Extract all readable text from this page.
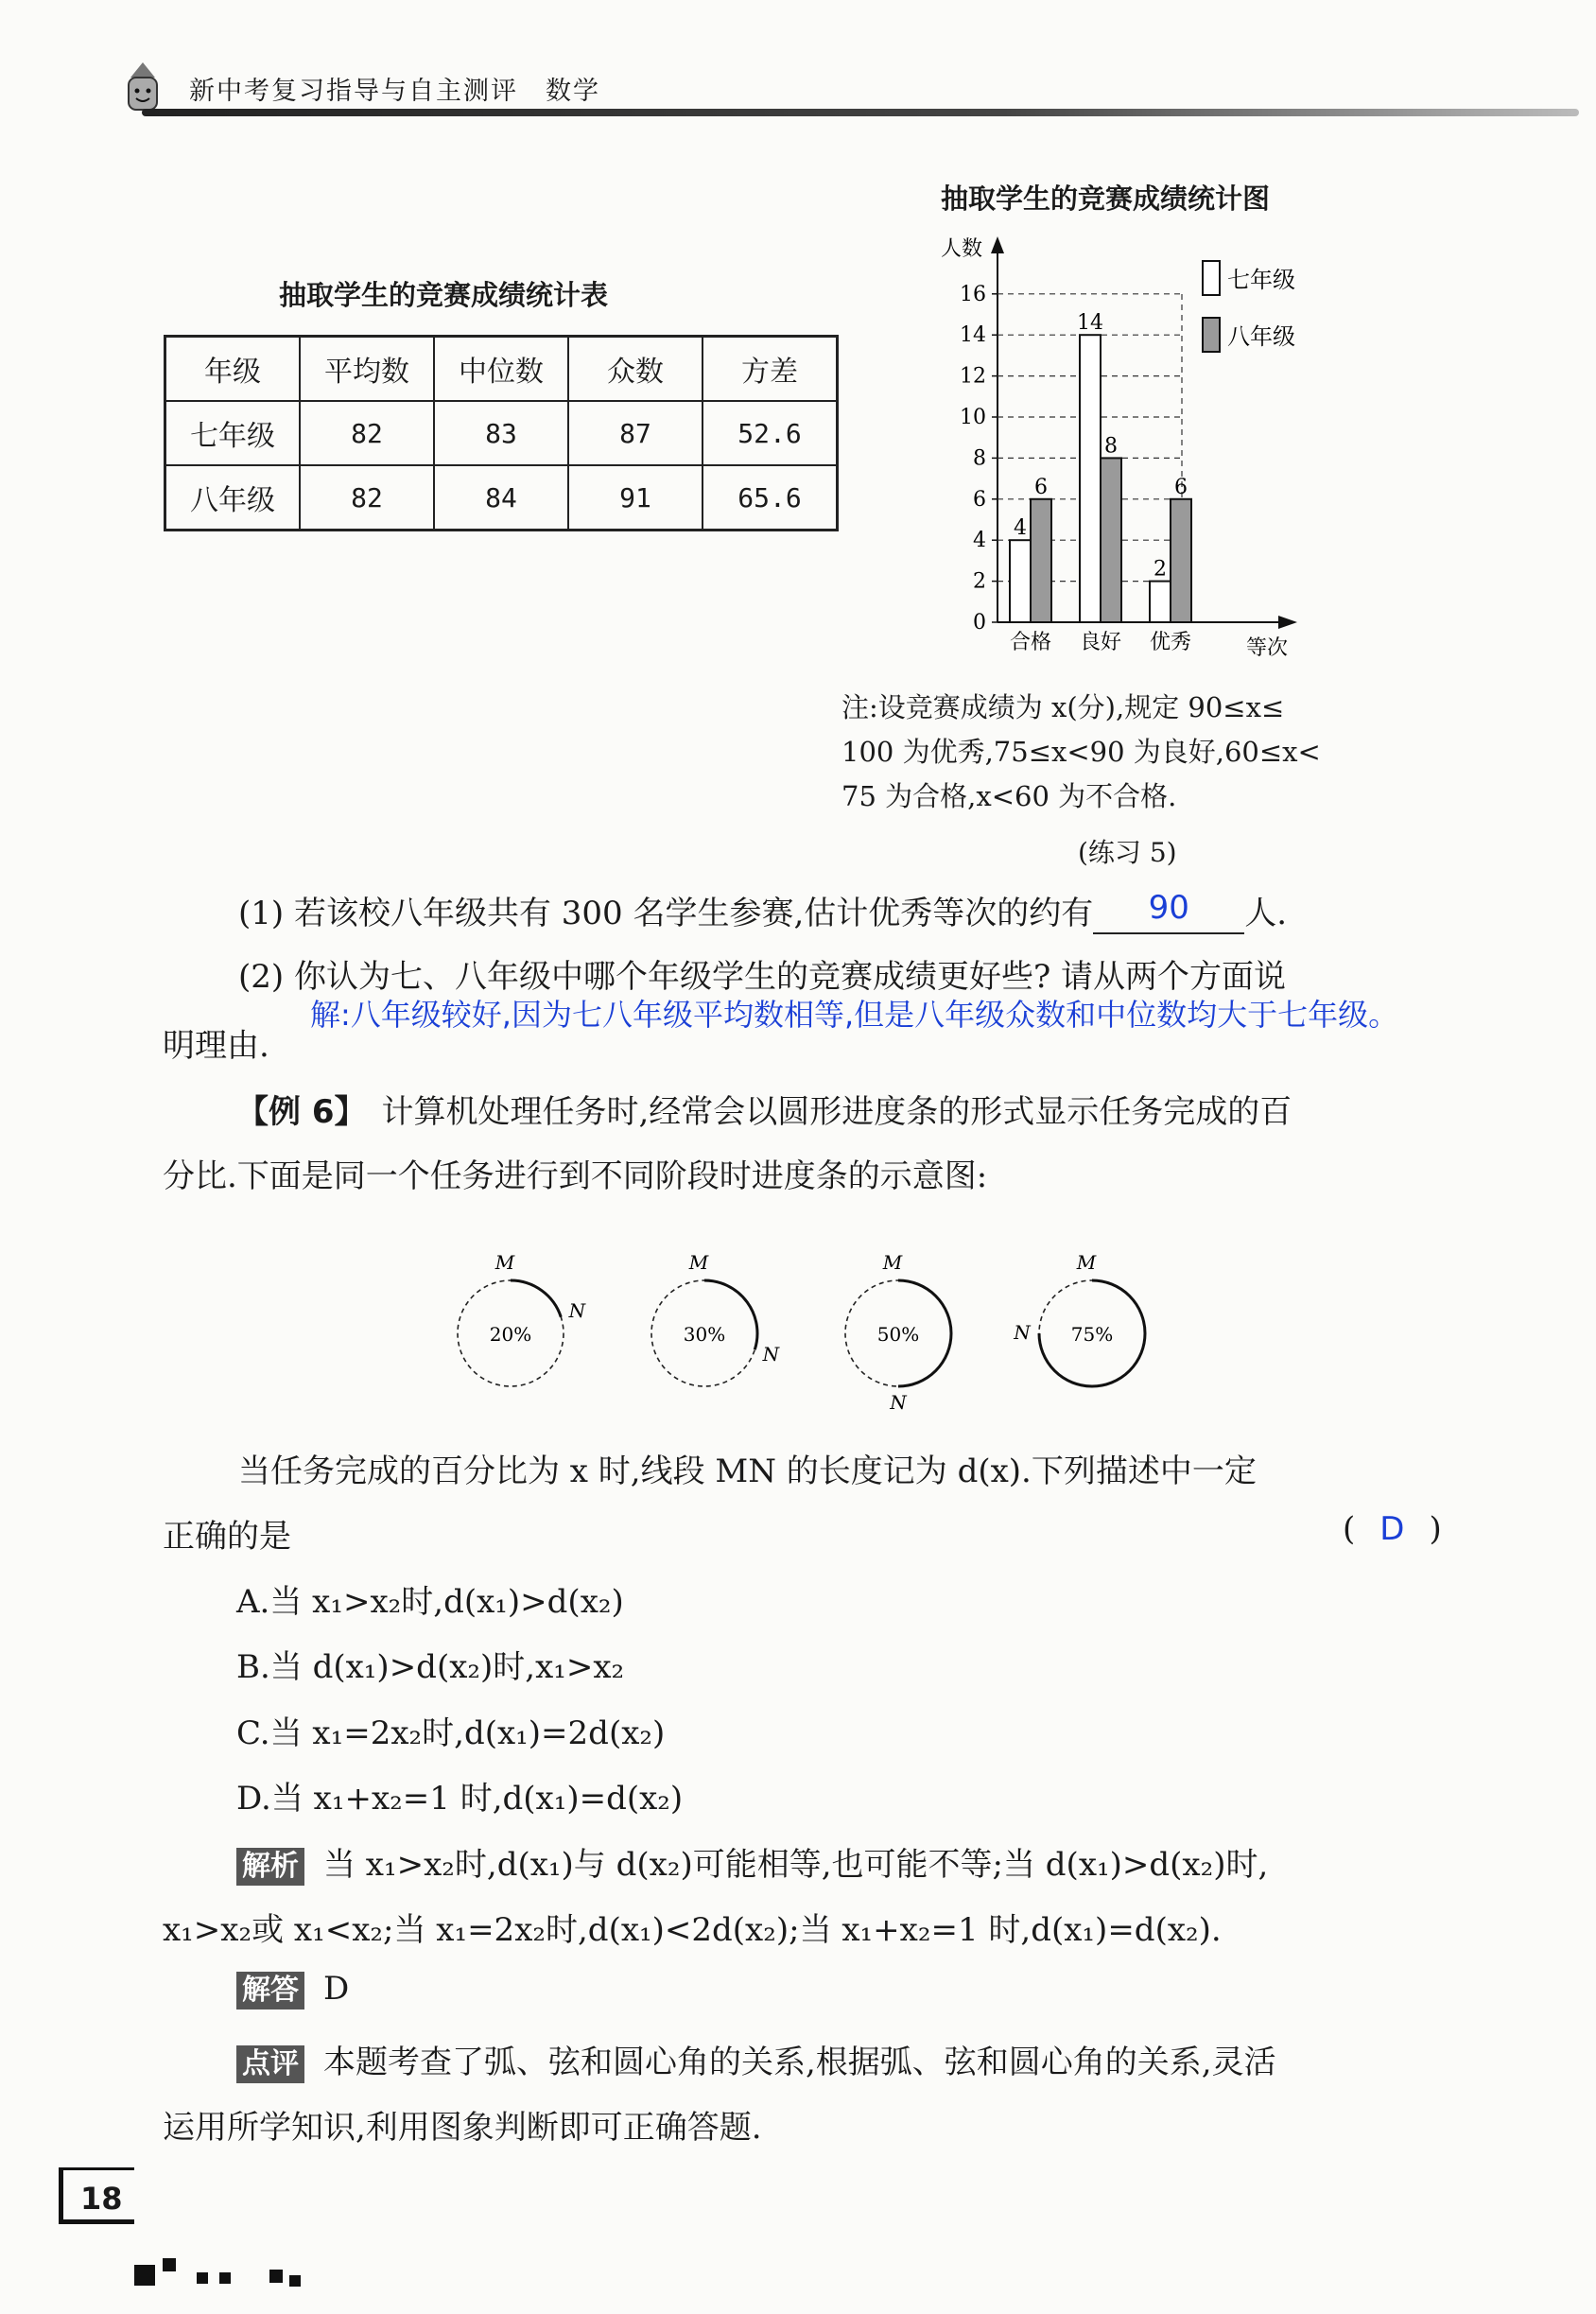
新中考复习指导与自主测评　数学
抽取学生的竞赛成绩统计表
年级	平均数	中位数	众数	方差
七年级	82	83	87	52.6
八年级	82	84	91	65.6
抽取学生的竞赛成绩统计图
人数
等次
0
2
4
6
8
10
12
14
16
4
6
合格
14
8
良好
2
6
优秀
七年级
八年级
注:设竞赛成绩为 x(分),规定 90≤x≤
100 为优秀,75≤x<90 为良好,60≤x<
75 为合格,x<60 为不合格.
(练习 5)
(1) 若该校八年级共有 300 名学生参赛,估计优秀等次的约有 90 人.
(2) 你认为七、八年级中哪个年级学生的竞赛成绩更好些? 请从两个方面说
解:八年级较好,因为七八年级平均数相等,但是八年级众数和中位数均大于七年级。
明理由.
【例 6】 计算机处理任务时,经常会以圆形进度条的形式显示任务完成的百
分比.下面是同一个任务进行到不同阶段时进度条的示意图:
20%
M
N
30%
M
N
50%
M
N
75%
M
N
当任务完成的百分比为 x 时,线段 MN 的长度记为 d(x).下列描述中一定
正确的是	( D )
A.当 x₁>x₂时,d(x₁)>d(x₂)
B.当 d(x₁)>d(x₂)时,x₁>x₂
C.当 x₁=2x₂时,d(x₁)=2d(x₂)
D.当 x₁+x₂=1 时,d(x₁)=d(x₂)
解析 当 x₁>x₂时,d(x₁)与 d(x₂)可能相等,也可能不等;当 d(x₁)>d(x₂)时,
x₁>x₂或 x₁<x₂;当 x₁=2x₂时,d(x₁)<2d(x₂);当 x₁+x₂=1 时,d(x₁)=d(x₂).
解答 D
点评 本题考查了弧、弦和圆心角的关系,根据弧、弦和圆心角的关系,灵活
运用所学知识,利用图象判断即可正确答题.
18
